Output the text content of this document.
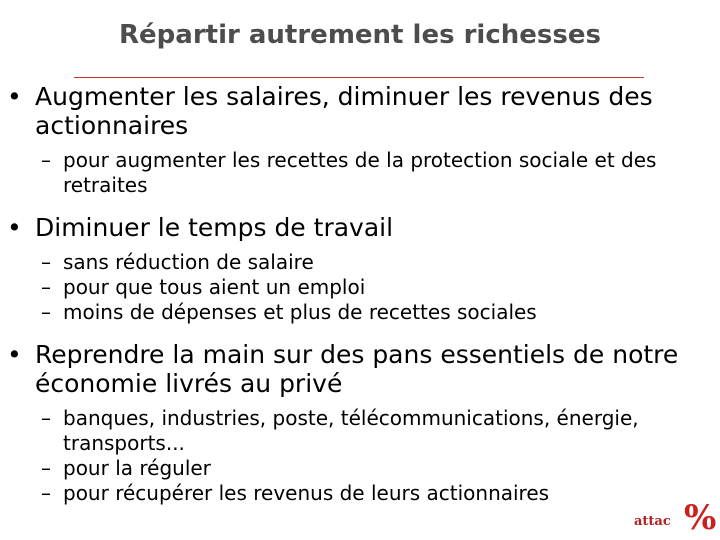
Répartir autrement les richesses
• Augmenter les salaires, diminuer les revenus des actionnaires
– pour augmenter les recettes de la protection sociale et des retraites
• Diminuer le temps de travail
– sans réduction de salaire
– pour que tous aient un emploi
– moins de dépenses et plus de recettes sociales
• Reprendre la main sur des pans essentiels de notre économie livrés au privé
– banques, industries, poste, télécommunications, énergie, transports...
– pour la réguler
– pour récupérer les revenus de leurs actionnaires
attac %
